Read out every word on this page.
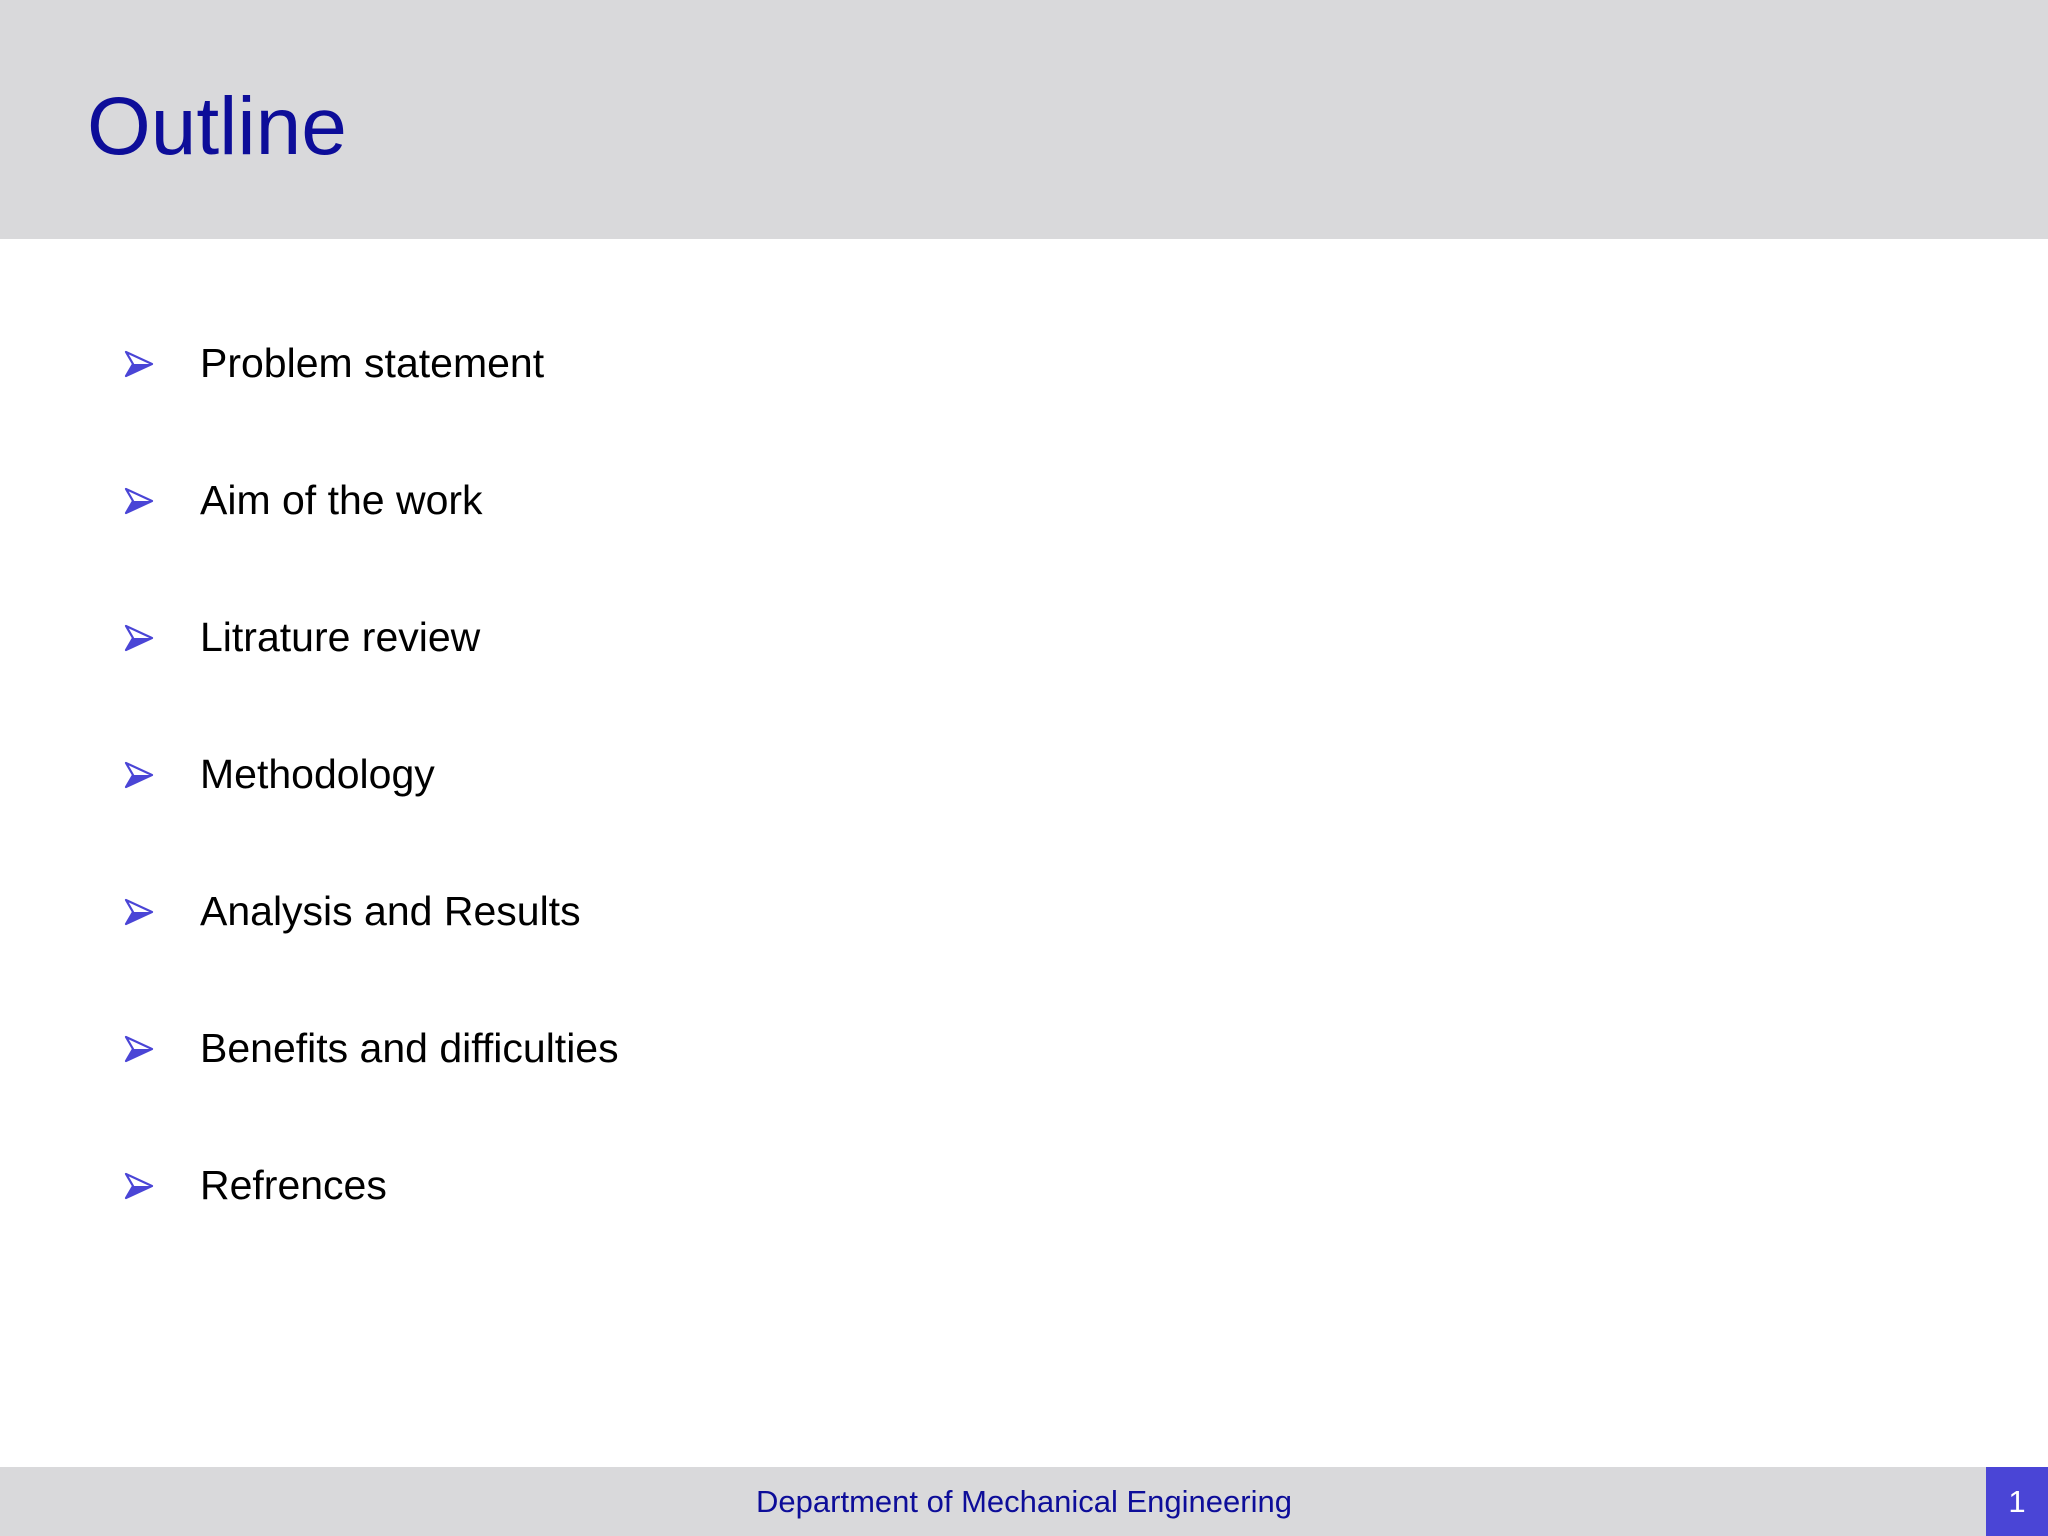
Outline
Problem statement
Aim of the work
Litrature review
Methodology
Analysis and Results
Benefits and difficulties
Refrences
Department of Mechanical Engineering	1
